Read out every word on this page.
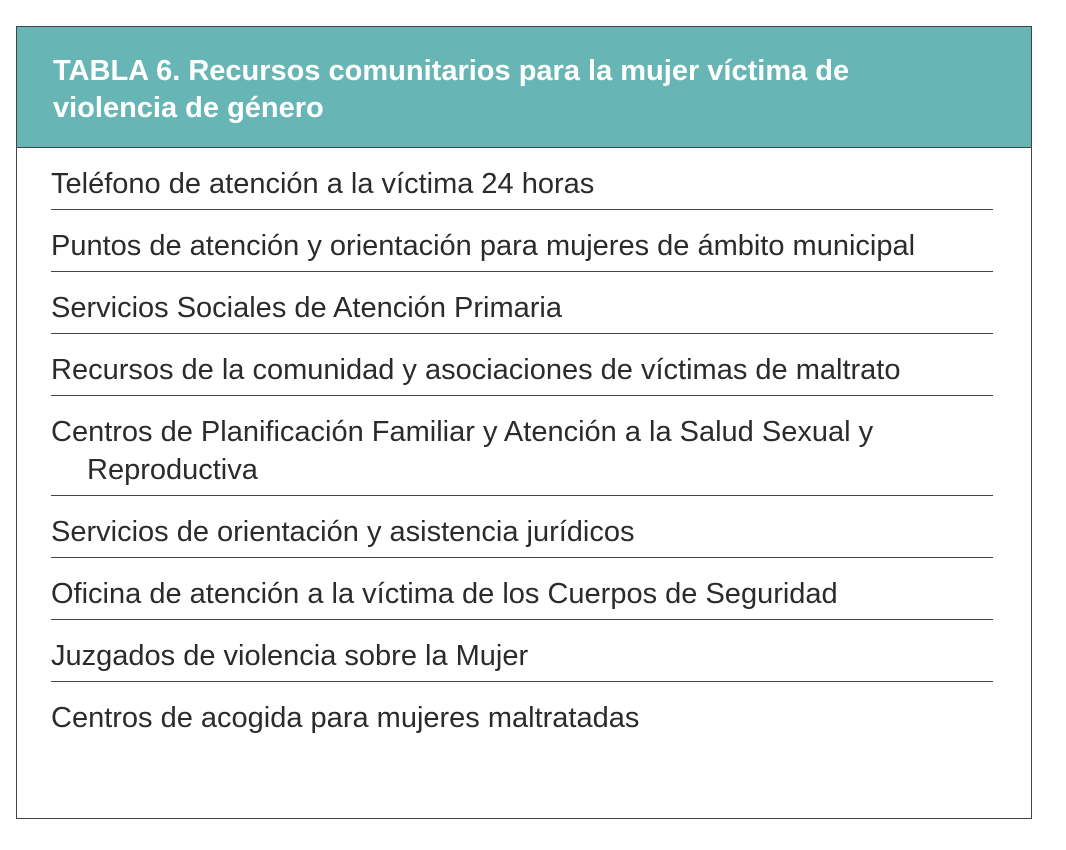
TABLA 6. Recursos comunitarios para la mujer víctima de violencia de género
Teléfono de atención a la víctima 24 horas
Puntos de atención y orientación para mujeres de ámbito municipal
Servicios Sociales de Atención Primaria
Recursos de la comunidad y asociaciones de víctimas de maltrato
Centros de Planificación Familiar y Atención a la Salud Sexual y Reproductiva
Servicios de orientación y asistencia jurídicos
Oficina de atención a la víctima de los Cuerpos de Seguridad
Juzgados de violencia sobre la Mujer
Centros de acogida para mujeres maltratadas
